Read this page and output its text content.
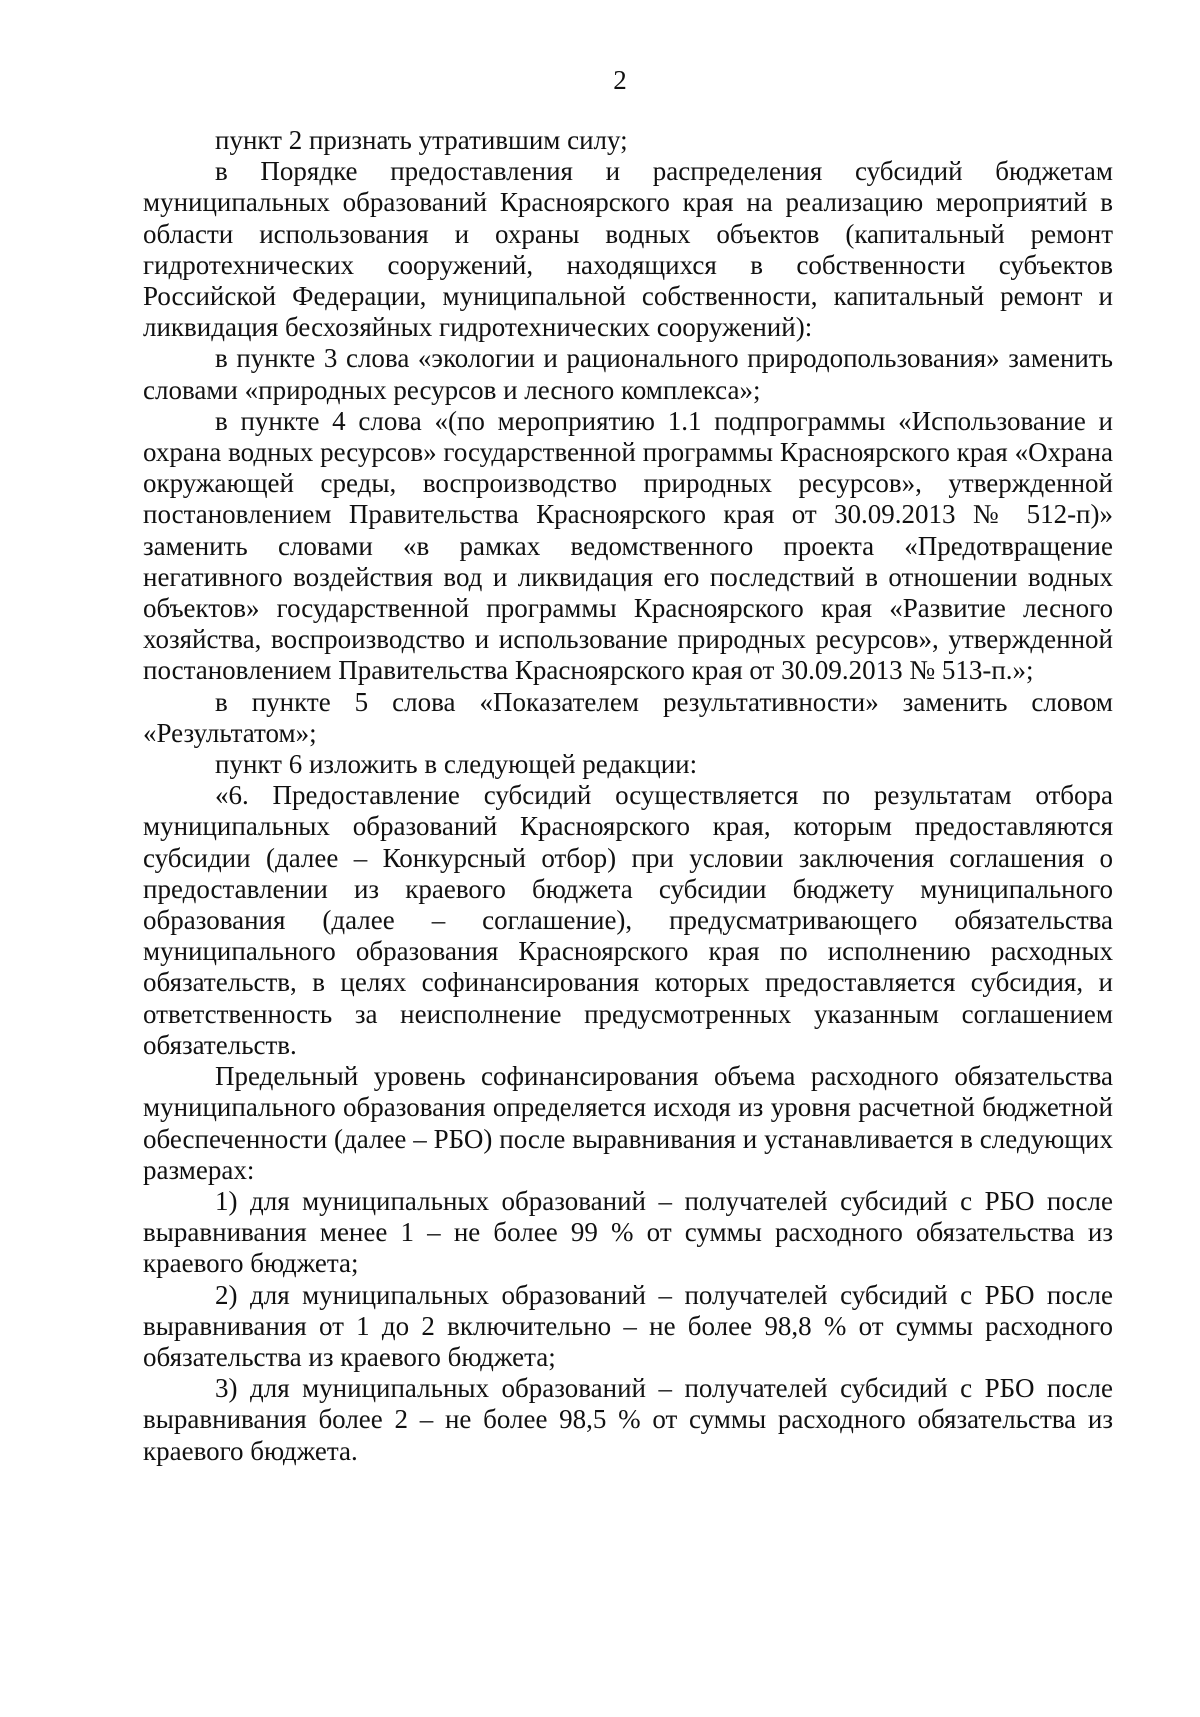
2

пункт 2 признать утратившим силу;

в Порядке предоставления и распределения субсидий бюджетам муниципальных образований Красноярского края на реализацию мероприятий в области использования и охраны водных объектов (капитальный ремонт гидротехнических сооружений, находящихся в собственности субъектов Российской Федерации, муниципальной собственности, капитальный ремонт и ликвидация бесхозяйных гидротехнических сооружений):

в пункте 3 слова «экологии и рационального природопользования» заменить словами «природных ресурсов и лесного комплекса»;

в пункте 4 слова «(по мероприятию 1.1 подпрограммы «Использование и охрана водных ресурсов» государственной программы Красноярского края «Охрана окружающей среды, воспроизводство природных ресурсов», утвержденной постановлением Правительства Красноярского края от 30.09.2013 № 512-п)» заменить словами «в рамках ведомственного проекта «Предотвращение негативного воздействия вод и ликвидация его последствий в отношении водных объектов» государственной программы Красноярского края «Развитие лесного хозяйства, воспроизводство и использование природных ресурсов», утвержденной постановлением Правительства Красноярского края от 30.09.2013 № 513-п.»;

в пункте 5 слова «Показателем результативности» заменить словом «Результатом»;

пункт 6 изложить в следующей редакции:

«6. Предоставление субсидий осуществляется по результатам отбора муниципальных образований Красноярского края, которым предоставляются субсидии (далее – Конкурсный отбор) при условии заключения соглашения о предоставлении из краевого бюджета субсидии бюджету муниципального образования (далее – соглашение), предусматривающего обязательства муниципального образования Красноярского края по исполнению расходных обязательств, в целях софинансирования которых предоставляется субсидия, и ответственность за неисполнение предусмотренных указанным соглашением обязательств.

Предельный уровень софинансирования объема расходного обязательства муниципального образования определяется исходя из уровня расчетной бюджетной обеспеченности (далее – РБО) после выравнивания и устанавливается в следующих размерах:

1) для муниципальных образований – получателей субсидий с РБО после выравнивания менее 1 – не более 99 % от суммы расходного обязательства из краевого бюджета;

2) для муниципальных образований – получателей субсидий с РБО после выравнивания от 1 до 2 включительно – не более 98,8 % от суммы расходного обязательства из краевого бюджета;

3) для муниципальных образований – получателей субсидий с РБО после выравнивания более 2 – не более 98,5 % от суммы расходного обязательства из краевого бюджета.
